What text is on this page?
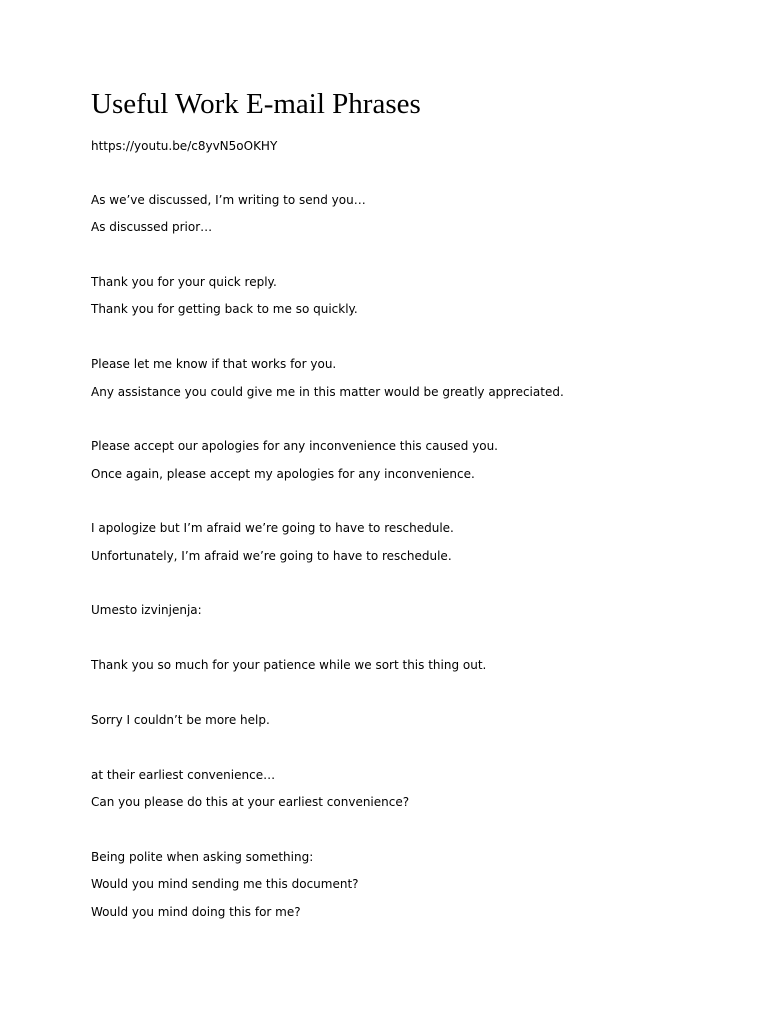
Useful Work E-mail Phrases

https://youtu.be/c8yvN5oOKHY

As we’ve discussed, I’m writing to send you…

As discussed prior…

Thank you for your quick reply.

Thank you for getting back to me so quickly.

Please let me know if that works for you.

Any assistance you could give me in this matter would be greatly appreciated.

Please accept our apologies for any inconvenience this caused you.

Once again, please accept my apologies for any inconvenience.

I apologize but I’m afraid we’re going to have to reschedule.

Unfortunately, I’m afraid we’re going to have to reschedule.

Umesto izvinjenja:

Thank you so much for your patience while we sort this thing out.

Sorry I couldn’t be more help.

at their earliest convenience…

Can you please do this at your earliest convenience?

Being polite when asking something:

Would you mind sending me this document?

Would you mind doing this for me?
